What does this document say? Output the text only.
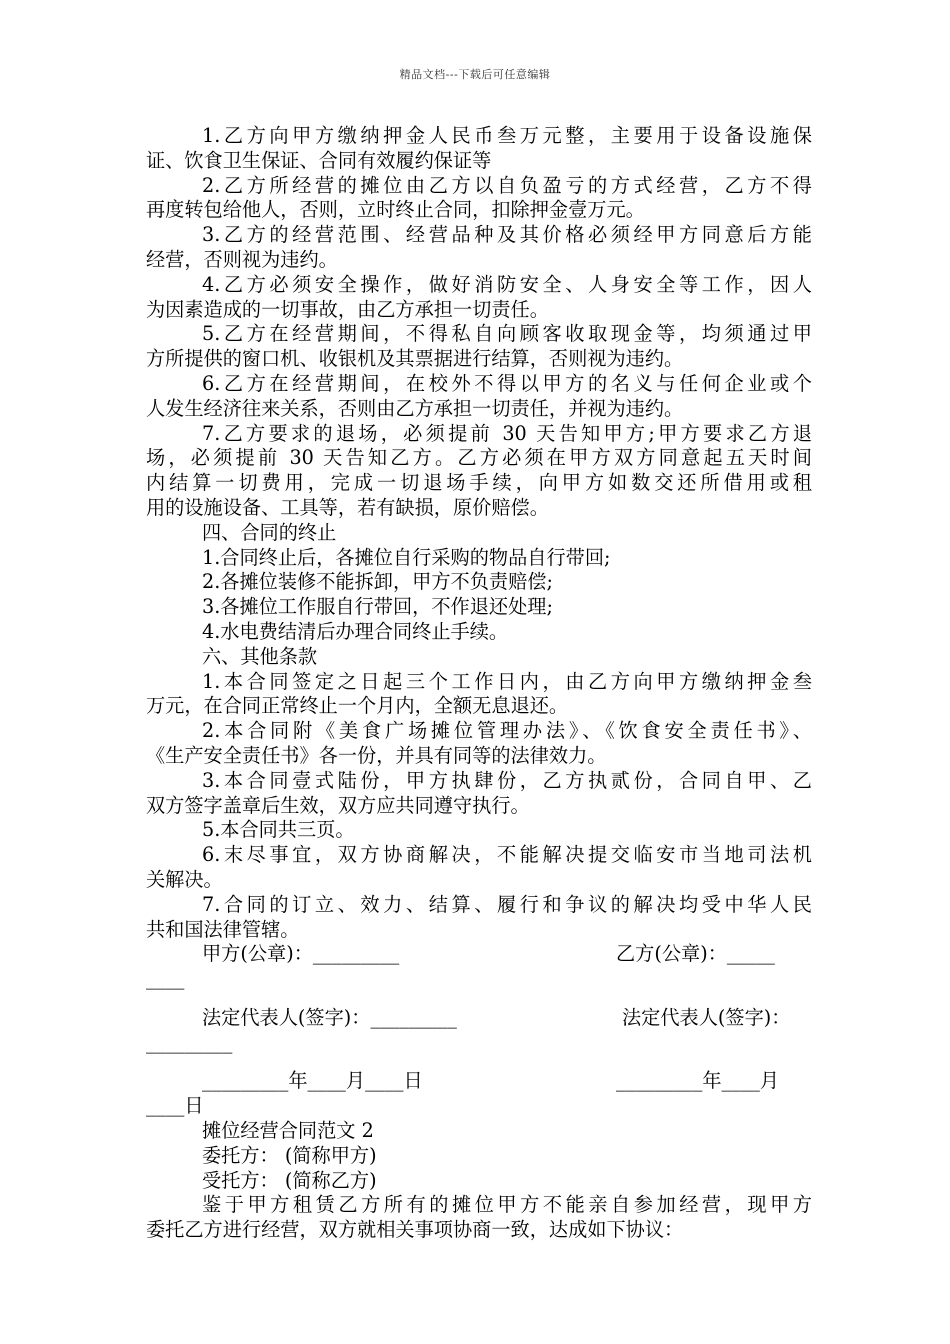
精品文档---下载后可任意编辑
1.乙方向甲方缴纳押金人民币叁万元整，主要用于设备设施保
证、饮食卫生保证、合同有效履约保证等
2.乙方所经营的摊位由乙方以自负盈亏的方式经营，乙方不得
再度转包给他人，否则，立时终止合同，扣除押金壹万元。
3.乙方的经营范围、经营品种及其价格必须经甲方同意后方能
经营，否则视为违约。
4.乙方必须安全操作，做好消防安全、人身安全等工作，因人
为因素造成的一切事故，由乙方承担一切责任。
5.乙方在经营期间，不得私自向顾客收取现金等，均须通过甲
方所提供的窗口机、收银机及其票据进行结算，否则视为违约。
6.乙方在经营期间，在校外不得以甲方的名义与任何企业或个
人发生经济往来关系，否则由乙方承担一切责任，并视为违约。
7.乙方要求的退场，必须提前 30 天告知甲方;甲方要求乙方退
场，必须提前 30 天告知乙方。乙方必须在甲方双方同意起五天时间
内结算一切费用，完成一切退场手续，向甲方如数交还所借用或租
用的设施设备、工具等，若有缺损，原价赔偿。
四、合同的终止
1.合同终止后，各摊位自行采购的物品自行带回;
2.各摊位装修不能拆卸，甲方不负责赔偿;
3.各摊位工作服自行带回，不作退还处理;
4.水电费结清后办理合同终止手续。
六、其他条款
1.本合同签定之日起三个工作日内，由乙方向甲方缴纳押金叁
万元，在合同正常终止一个月内，全额无息退还。
2.本合同附《美食广场摊位管理办法》、《饮食安全责任书》、
《生产安全责任书》各一份，并具有同等的法律效力。
3.本合同壹式陆份，甲方执肆份，乙方执贰份，合同自甲、乙
双方签字盖章后生效，双方应共同遵守执行。
5.本合同共三页。
6.末尽事宜，双方协商解决，不能解决提交临安市当地司法机
关解决。
7.合同的订立、效力、结算、履行和争议的解决均受中华人民
共和国法律管辖。
甲方(公章)：_________	乙方(公章)：_____
____
法定代表人(签字)：_________	法定代表人(签字)：
_________
_________年____月____日	_________年____月
____日
摊位经营合同范文 2
委托方： (简称甲方)
受托方： (简称乙方)
鉴于甲方租赁乙方所有的摊位甲方不能亲自参加经营，现甲方
委托乙方进行经营，双方就相关事项协商一致，达成如下协议：
